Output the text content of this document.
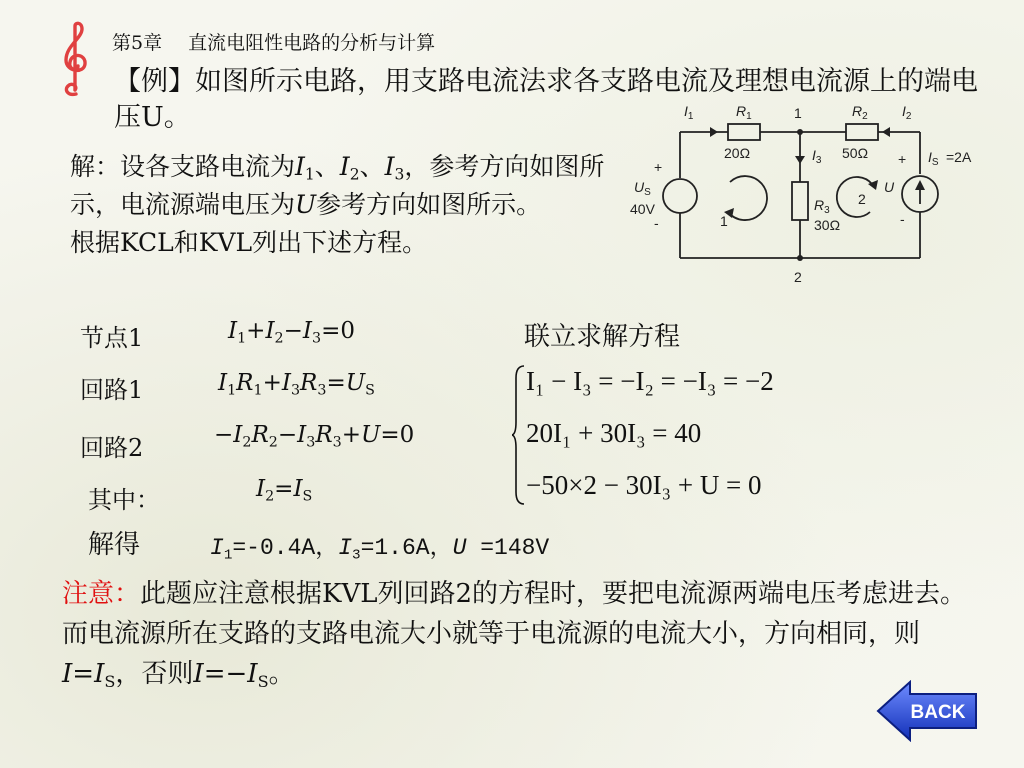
第5章 直流电阻性电路的分析与计算
【例】如图所示电路，用支路电流法求各支路电流及理想电流源上的端电压U。
解：设各支路电流为$I_1$、$I_2$、$I_3$，参考方向如图所示，电流源端电压为U参考方向如图所示。
根据KCL和KVL列出下述方程。
$I_1$	$R_1$	$R_2$ $I_2$
$I_3$
$R_3$
$U_S$	U
$I_S$
+
-
+
-
1
2
20Ω	50Ω
30Ω
40V
=2A
1
2
节点1	$I_1+I_2-I_3=0$	联立求解方程
回路1	$I_1R_1+I_3R_3=U_S$
回路2	$-I_2R_2-I_3R_3+U=0$
其中：	$I_2=I_S$
I₁ − I₃ = −I₂ = −I₃ = −2
20I₁ + 30I₃ = 40
−50×2 − 30I₃ + U = 0
解得	$I_1=-0.4A$，$I_3=1.6A$，U =148V
注意：此题应注意根据KVL列回路2的方程时，要把电流源两端电压考虑进去。而电流源所在支路的支路电流大小就等于电流源的电流大小，方向相同，则$I=I_S$，否则$I=-I_S$。
BACK
